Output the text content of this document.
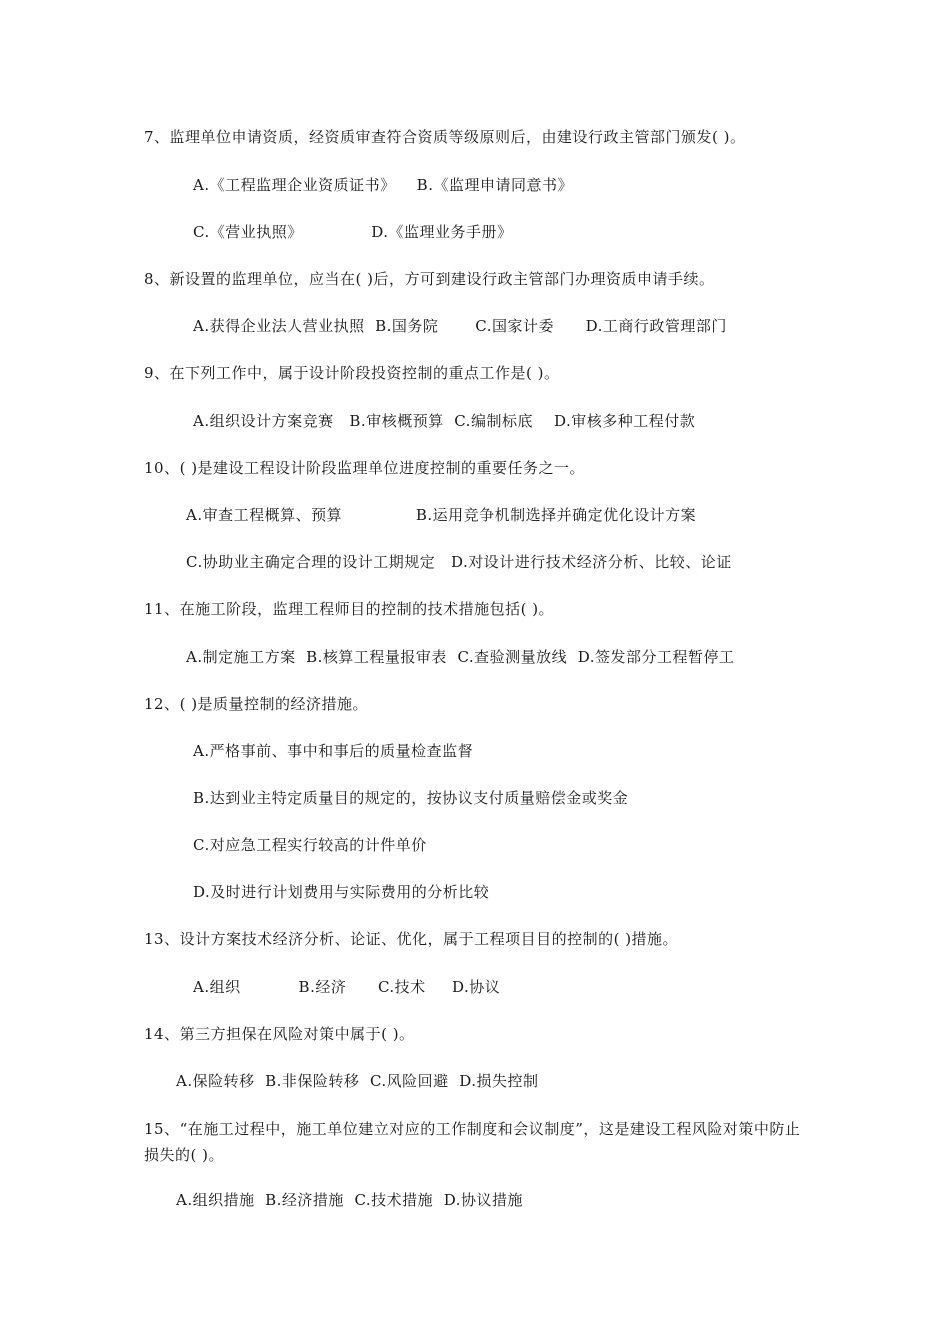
7、监理单位申请资质，经资质审查符合资质等级原则后，由建设行政主管部门颁发( )。
A.《工程监理企业资质证书》    B.《监理申请同意书》
C.《营业执照》             D.《监理业务手册》
8、新设置的监理单位，应当在( )后，方可到建设行政主管部门办理资质申请手续。
A.获得企业法人营业执照  B.国务院       C.国家计委      D.工商行政管理部门
9、在下列工作中，属于设计阶段投资控制的重点工作是( )。
A.组织设计方案竞赛   B.审核概预算  C.编制标底    D.审核多种工程付款
10、( )是建设工程设计阶段监理单位进度控制的重要任务之一。
A.审查工程概算、预算              B.运用竞争机制选择并确定优化设计方案
C.协助业主确定合理的设计工期规定   D.对设计进行技术经济分析、比较、论证
11、在施工阶段，监理工程师目的控制的技术措施包括( )。
A.制定施工方案  B.核算工程量报审表  C.查验测量放线  D.签发部分工程暂停工
12、( )是质量控制的经济措施。
A.严格事前、事中和事后的质量检查监督
B.达到业主特定质量目的规定的，按协议支付质量赔偿金或奖金
C.对应急工程实行较高的计件单价
D.及时进行计划费用与实际费用的分析比较
13、设计方案技术经济分析、论证、优化，属于工程项目目的控制的( )措施。
A.组织           B.经济      C.技术     D.协议
14、第三方担保在风险对策中属于( )。
A.保险转移  B.非保险转移  C.风险回避  D.损失控制
15、“在施工过程中，施工单位建立对应的工作制度和会议制度”，这是建设工程风险对策中防止损失的( )。
A.组织措施  B.经济措施  C.技术措施  D.协议措施
